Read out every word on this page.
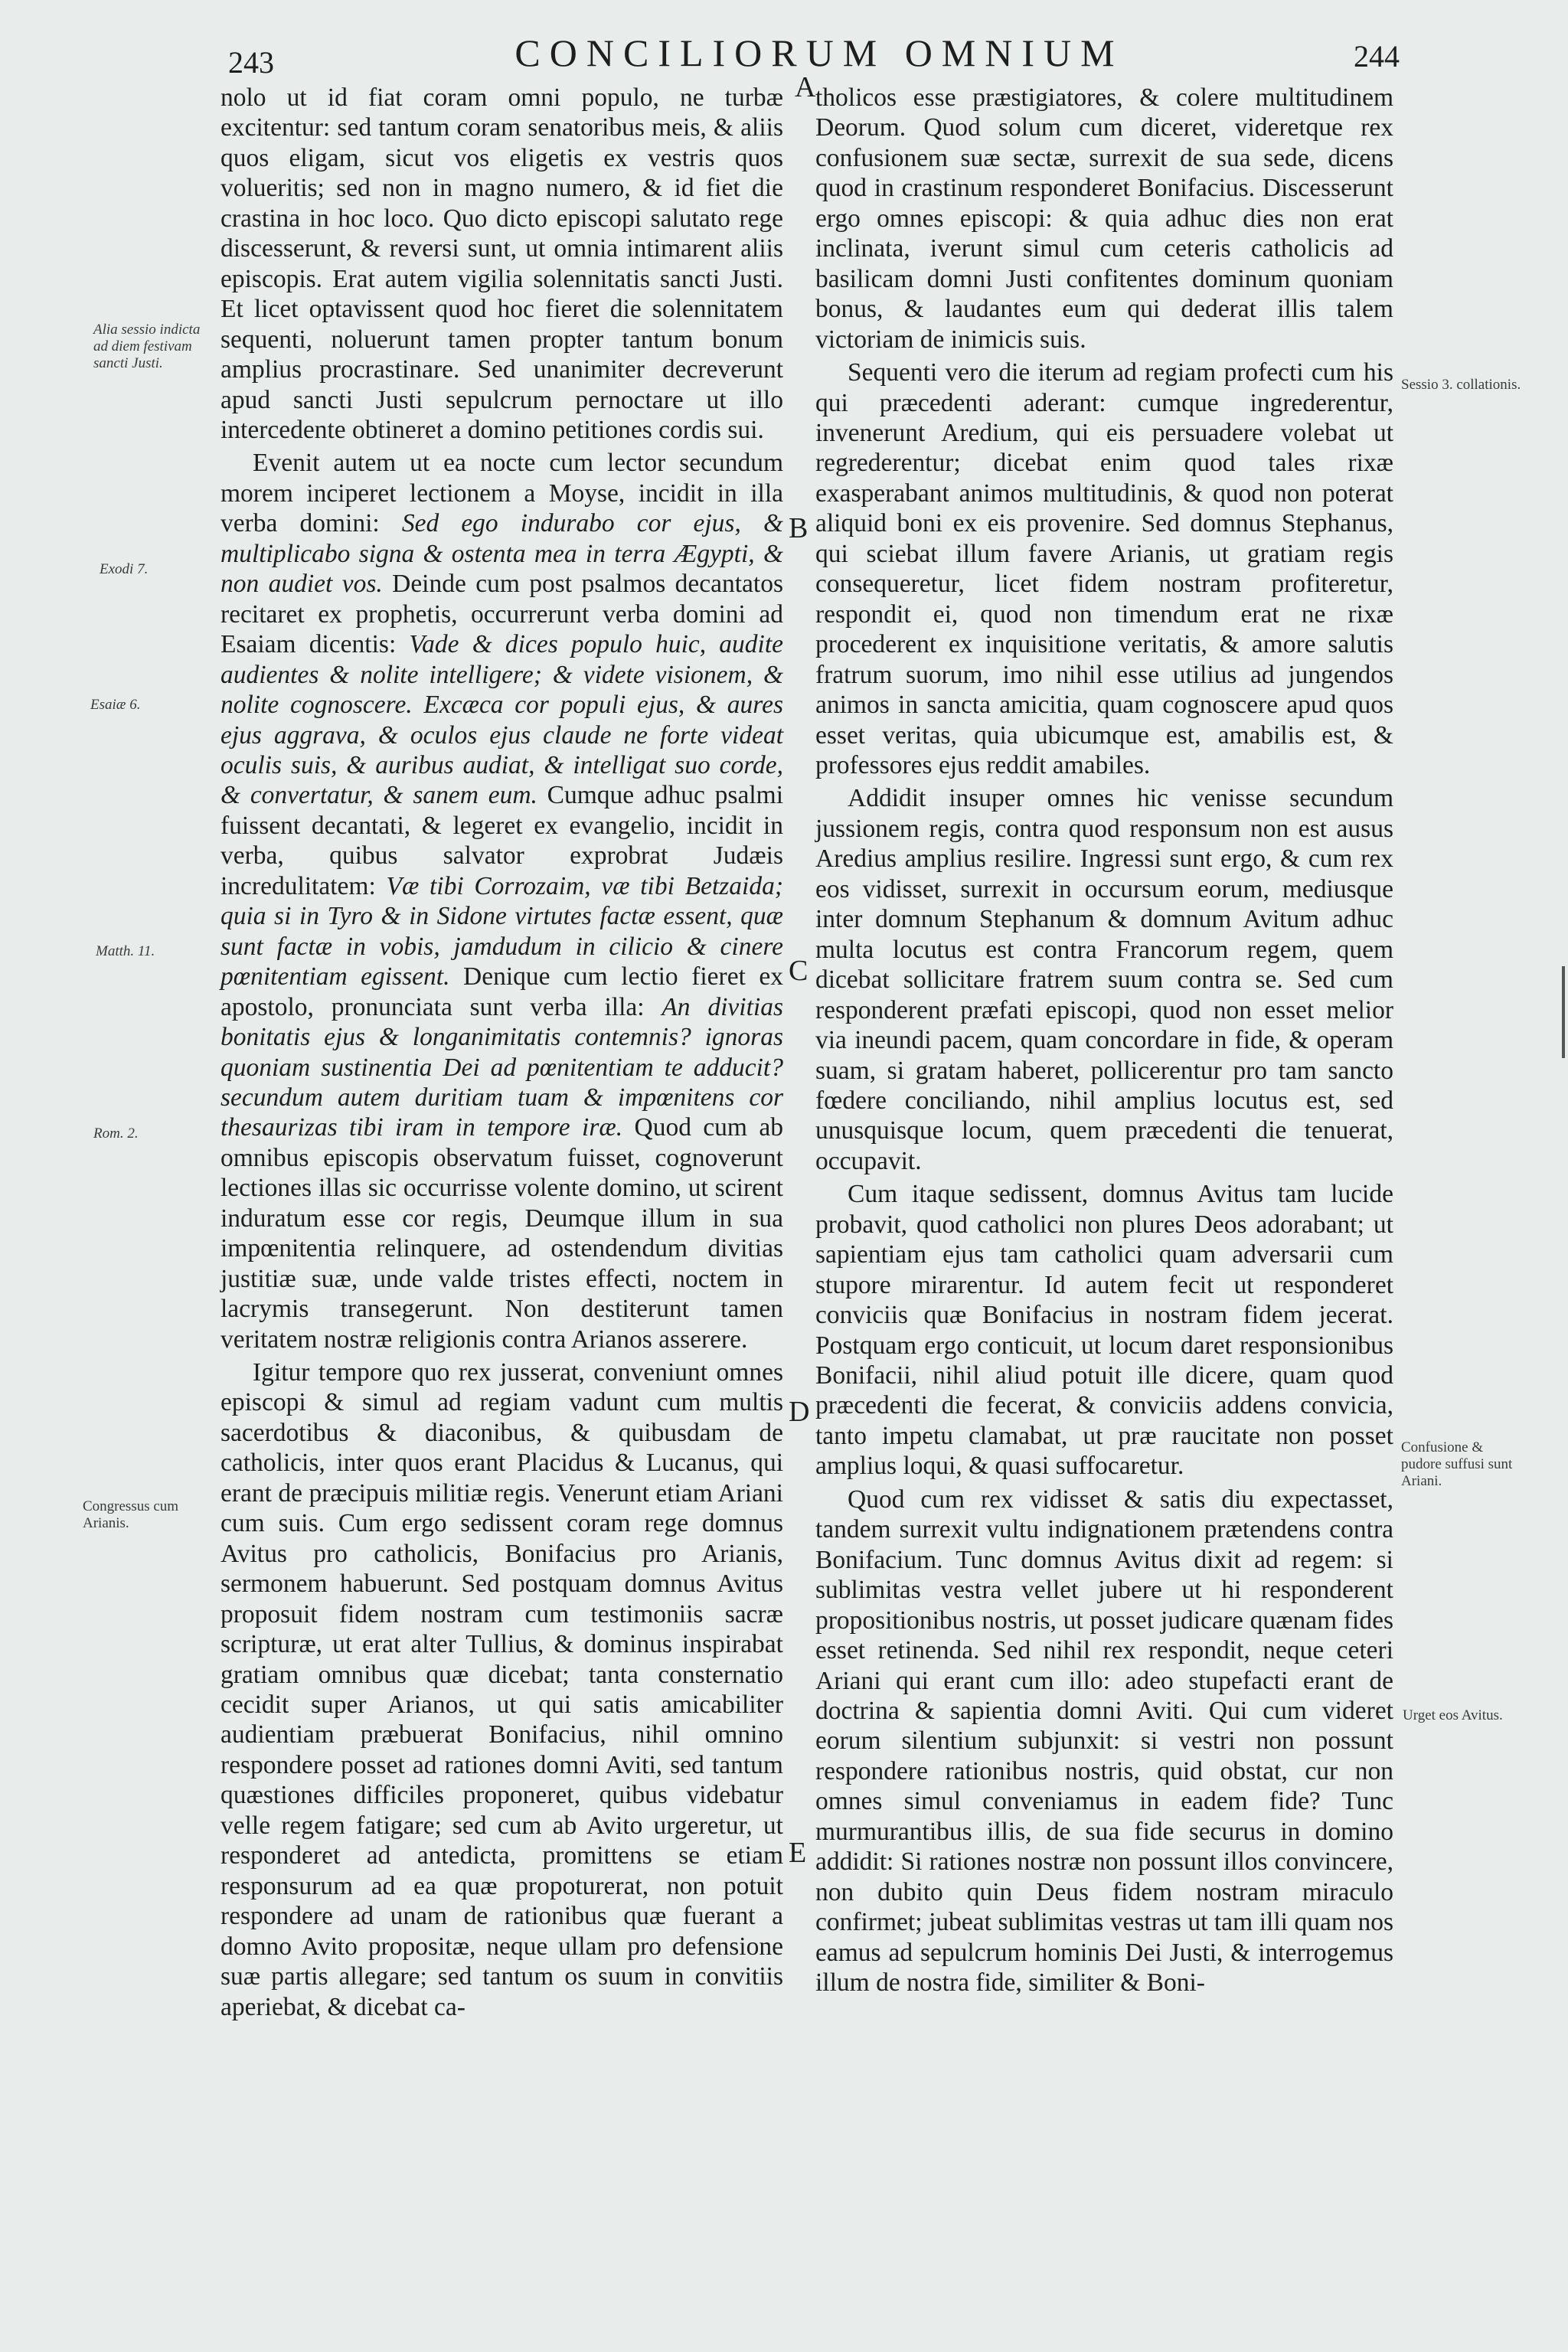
243	CONCILIORUM OMNIUM	244
Alia sessio indicta ad diem festivam sancti Justi.
Exodi 7.
Esaiæ 6.
Matth. 11.
Rom. 2.
Congressus cum Arianis.
Sessio 3. collationis.
Confusione & pudore suffusi sunt Ariani.
Urget eos Avitus.
A
B
C
D
E

nolo ut id fiat coram omni populo, ne turbæ excitentur: sed tantum coram senatoribus meis, & aliis quos eligam, sicut vos eligetis ex vestris quos volueritis; sed non in magno numero, & id fiet die crastina in hoc loco. Quo dicto episcopi salutato rege discesserunt, & reversi sunt, ut omnia intimarent aliis episcopis. Erat autem vigilia solennitatis sancti Justi. Et licet optavissent quod hoc fieret die solennitatem sequenti, noluerunt tamen propter tantum bonum amplius procrastinare. Sed unanimiter decreverunt apud sancti Justi sepulcrum pernoctare ut illo intercedente obtineret a domino petitiones cordis sui.

Evenit autem ut ea nocte cum lector secundum morem inciperet lectionem a Moyse, incidit in illa verba domini: Sed ego indurabo cor ejus, & multiplicabo signa & ostenta mea in terra Ægypti, & non audiet vos. Deinde cum post psalmos decantatos recitaret ex prophetis, occurrerunt verba domini ad Esaiam dicentis: Vade & dices populo huic, audite audientes & nolite intelligere; & videte visionem, & nolite cognoscere. Excæca cor populi ejus, & aures ejus aggrava, & oculos ejus claude ne forte videat oculis suis, & auribus audiat, & intelligat suo corde, & convertatur, & sanem eum. Cumque adhuc psalmi fuissent decantati, & legeret ex evangelio, incidit in verba, quibus salvator exprobrat Judæis incredulitatem: Væ tibi Corrozaim, væ tibi Betzaida; quia si in Tyro & in Sidone virtutes factæ essent, quæ sunt factæ in vobis, jamdudum in cilicio & cinere pœnitentiam egissent. Denique cum lectio fieret ex apostolo, pronunciata sunt verba illa: An divitias bonitatis ejus & longanimitatis contemnis? ignoras quoniam sustinentia Dei ad pœnitentiam te adducit? secundum autem duritiam tuam & impœnitens cor thesaurizas tibi iram in tempore iræ. Quod cum ab omnibus episcopis observatum fuisset, cognoverunt lectiones illas sic occurrisse volente domino, ut scirent induratum esse cor regis, Deumque illum in sua impœnitentia relinquere, ad ostendendum divitias justitiæ suæ, unde valde tristes effecti, noctem in lacrymis transegerunt. Non destiterunt tamen veritatem nostræ religionis contra Arianos asserere.

Igitur tempore quo rex jusserat, conveniunt omnes episcopi & simul ad regiam vadunt cum multis sacerdotibus & diaconibus, & quibusdam de catholicis, inter quos erant Placidus & Lucanus, qui erant de præcipuis militiæ regis. Venerunt etiam Ariani cum suis. Cum ergo sedissent coram rege domnus Avitus pro catholicis, Bonifacius pro Arianis, sermonem habuerunt. Sed postquam domnus Avitus proposuit fidem nostram cum testimoniis sacræ scripturæ, ut erat alter Tullius, & dominus inspirabat gratiam omnibus quæ dicebat; tanta consternatio cecidit super Arianos, ut qui satis amicabiliter audientiam præbuerat Bonifacius, nihil omnino respondere posset ad rationes domni Aviti, sed tantum quæstiones difficiles proponeret, quibus videbatur velle regem fatigare; sed cum ab Avito urgeretur, ut responderet ad antedicta, promittens se etiam responsurum ad ea quæ propoturerat, non potuit respondere ad unam de rationibus quæ fuerant a domno Avito propositæ, neque ullam pro defensione suæ partis allegare; sed tantum os suum in convitiis aperiebat, & dicebat ca-

tholicos esse præstigiatores, & colere multitudinem Deorum. Quod solum cum diceret, videretque rex confusionem suæ sectæ, surrexit de sua sede, dicens quod in crastinum responderet Bonifacius. Discesserunt ergo omnes episcopi: & quia adhuc dies non erat inclinata, iverunt simul cum ceteris catholicis ad basilicam domni Justi confitentes dominum quoniam bonus, & laudantes eum qui dederat illis talem victoriam de inimicis suis.

Sequenti vero die iterum ad regiam profecti cum his qui præcedenti aderant: cumque ingrederentur, invenerunt Aredium, qui eis persuadere volebat ut regrederentur; dicebat enim quod tales rixæ exasperabant animos multitudinis, & quod non poterat aliquid boni ex eis provenire. Sed domnus Stephanus, qui sciebat illum favere Arianis, ut gratiam regis consequeretur, licet fidem nostram profiteretur, respondit ei, quod non timendum erat ne rixæ procederent ex inquisitione veritatis, & amore salutis fratrum suorum, imo nihil esse utilius ad jungendos animos in sancta amicitia, quam cognoscere apud quos esset veritas, quia ubicumque est, amabilis est, & professores ejus reddit amabiles.

Addidit insuper omnes hic venisse secundum jussionem regis, contra quod responsum non est ausus Aredius amplius resilire. Ingressi sunt ergo, & cum rex eos vidisset, surrexit in occursum eorum, mediusque inter domnum Stephanum & domnum Avitum adhuc multa locutus est contra Francorum regem, quem dicebat sollicitare fratrem suum contra se. Sed cum responderent præfati episcopi, quod non esset melior via ineundi pacem, quam concordare in fide, & operam suam, si gratam haberet, pollicerentur pro tam sancto fœdere conciliando, nihil amplius locutus est, sed unusquisque locum, quem præcedenti die tenuerat, occupavit.

Cum itaque sedissent, domnus Avitus tam lucide probavit, quod catholici non plures Deos adorabant; ut sapientiam ejus tam catholici quam adversarii cum stupore mirarentur. Id autem fecit ut responderet conviciis quæ Bonifacius in nostram fidem jecerat. Postquam ergo conticuit, ut locum daret responsionibus Bonifacii, nihil aliud potuit ille dicere, quam quod præcedenti die fecerat, & conviciis addens convicia, tanto impetu clamabat, ut præ raucitate non posset amplius loqui, & quasi suffocaretur.

Quod cum rex vidisset & satis diu expectasset, tandem surrexit vultu indignationem prætendens contra Bonifacium. Tunc domnus Avitus dixit ad regem: si sublimitas vestra vellet jubere ut hi responderent propositionibus nostris, ut posset judicare quænam fides esset retinenda. Sed nihil rex respondit, neque ceteri Ariani qui erant cum illo: adeo stupefacti erant de doctrina & sapientia domni Aviti. Qui cum videret eorum silentium subjunxit: si vestri non possunt respondere rationibus nostris, quid obstat, cur non omnes simul conveniamus in eadem fide? Tunc murmurantibus illis, de sua fide securus in domino addidit: Si rationes nostræ non possunt illos convincere, non dubito quin Deus fidem nostram miraculo confirmet; jubeat sublimitas vestras ut tam illi quam nos eamus ad sepulcrum hominis Dei Justi, & interrogemus illum de nostra fide, similiter & Boni-
